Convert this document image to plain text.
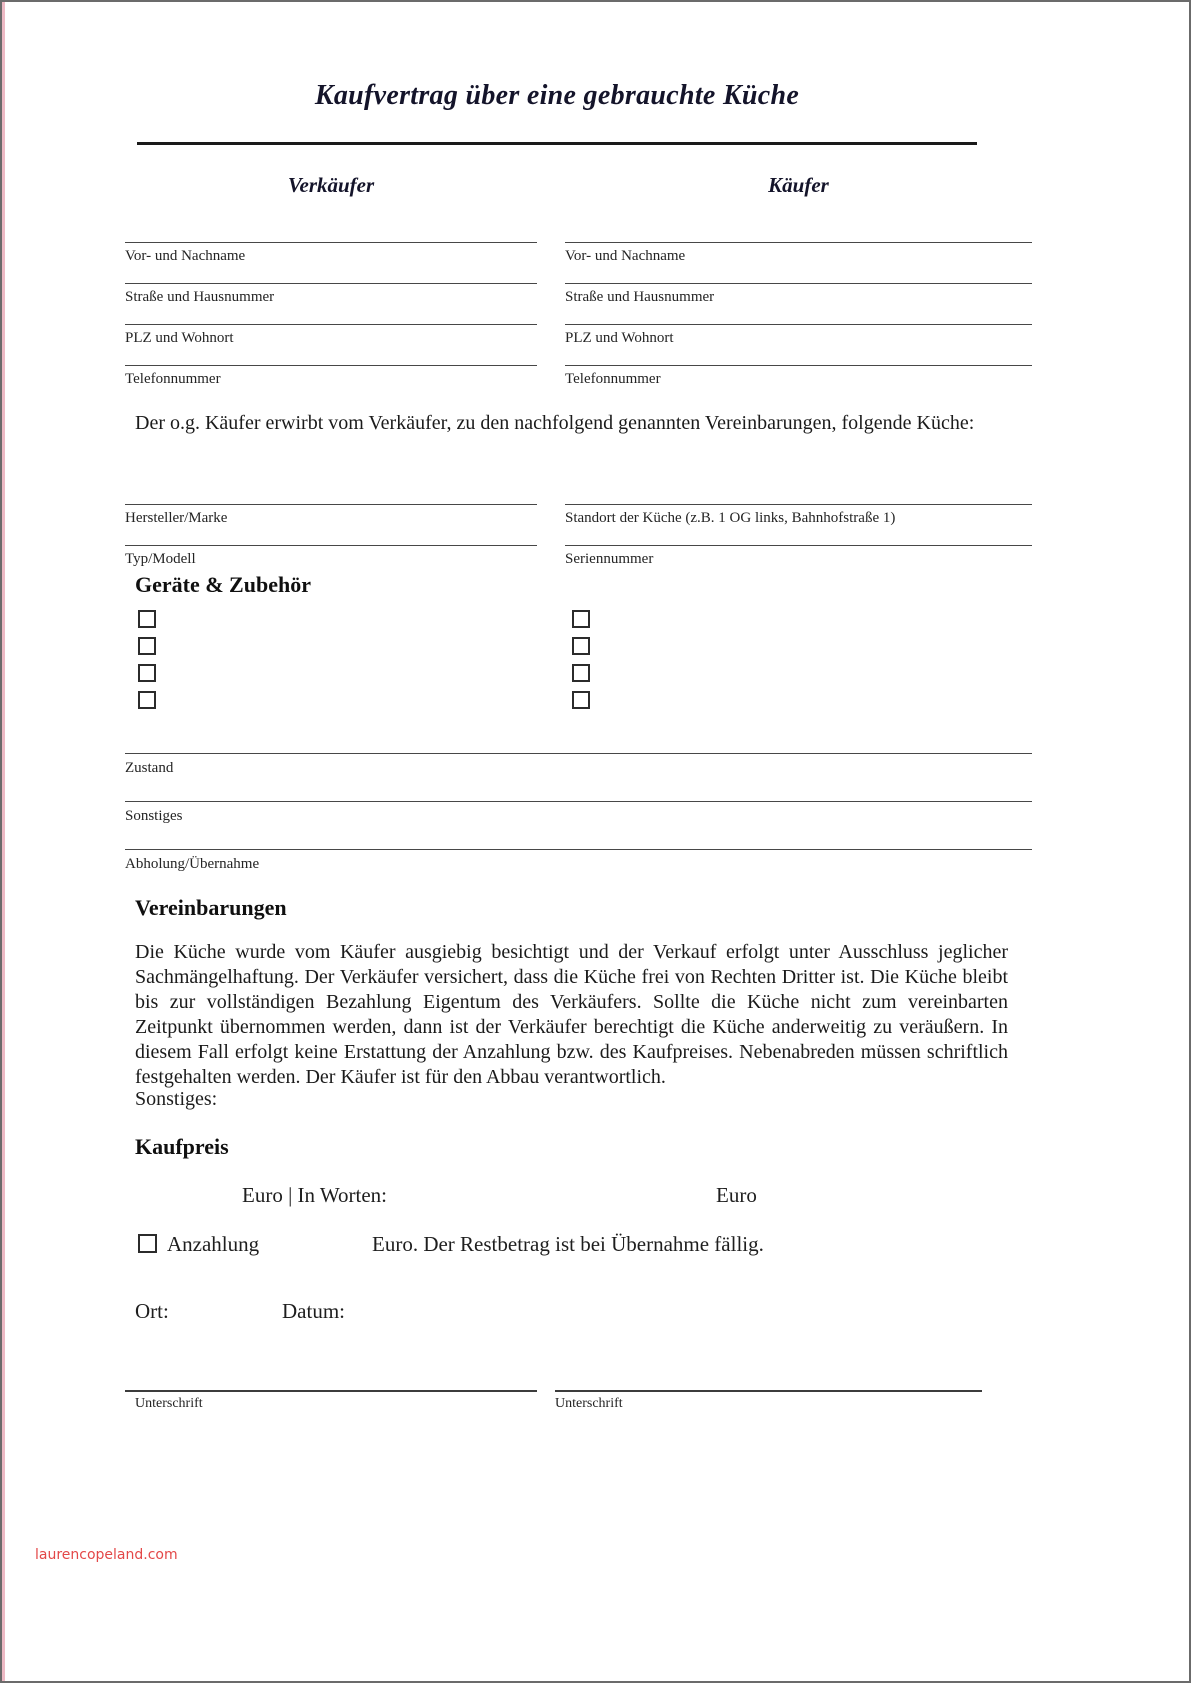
Kaufvertrag über eine gebrauchte Küche
Verkäufer	Käufer
Vor- und Nachname	Vor- und Nachname
Straße und Hausnummer	Straße und Hausnummer
PLZ und Wohnort	PLZ und Wohnort
Telefonnummer	Telefonnummer
Der o.g. Käufer erwirbt vom Verkäufer, zu den nachfolgend genannten Vereinbarungen, folgende Küche:
Hersteller/Marke	Standort der Küche (z.B. 1 OG links, Bahnhofstraße 1)
Typ/Modell	Seriennummer
Geräte & Zubehör
Zustand
Sonstiges
Abholung/Übernahme
Vereinbarungen
Die Küche wurde vom Käufer ausgiebig besichtigt und der Verkauf erfolgt unter Ausschluss jeglicher Sachmängelhaftung. Der Verkäufer versichert, dass die Küche frei von Rechten Dritter ist. Die Küche bleibt bis zur vollständigen Bezahlung Eigentum des Verkäufers. Sollte die Küche nicht zum vereinbarten Zeitpunkt übernommen werden, dann ist der Verkäufer berechtigt die Küche anderweitig zu veräußern. In diesem Fall erfolgt keine Erstattung der Anzahlung bzw. des Kaufpreises. Nebenabreden müssen schriftlich festgehalten werden. Der Käufer ist für den Abbau verantwortlich.
Sonstiges:
Kaufpreis
Euro | In Worten:	Euro
Anzahlung	Euro. Der Restbetrag ist bei Übernahme fällig.
Ort:	Datum:
Unterschrift	Unterschrift
laurencopeland.com
